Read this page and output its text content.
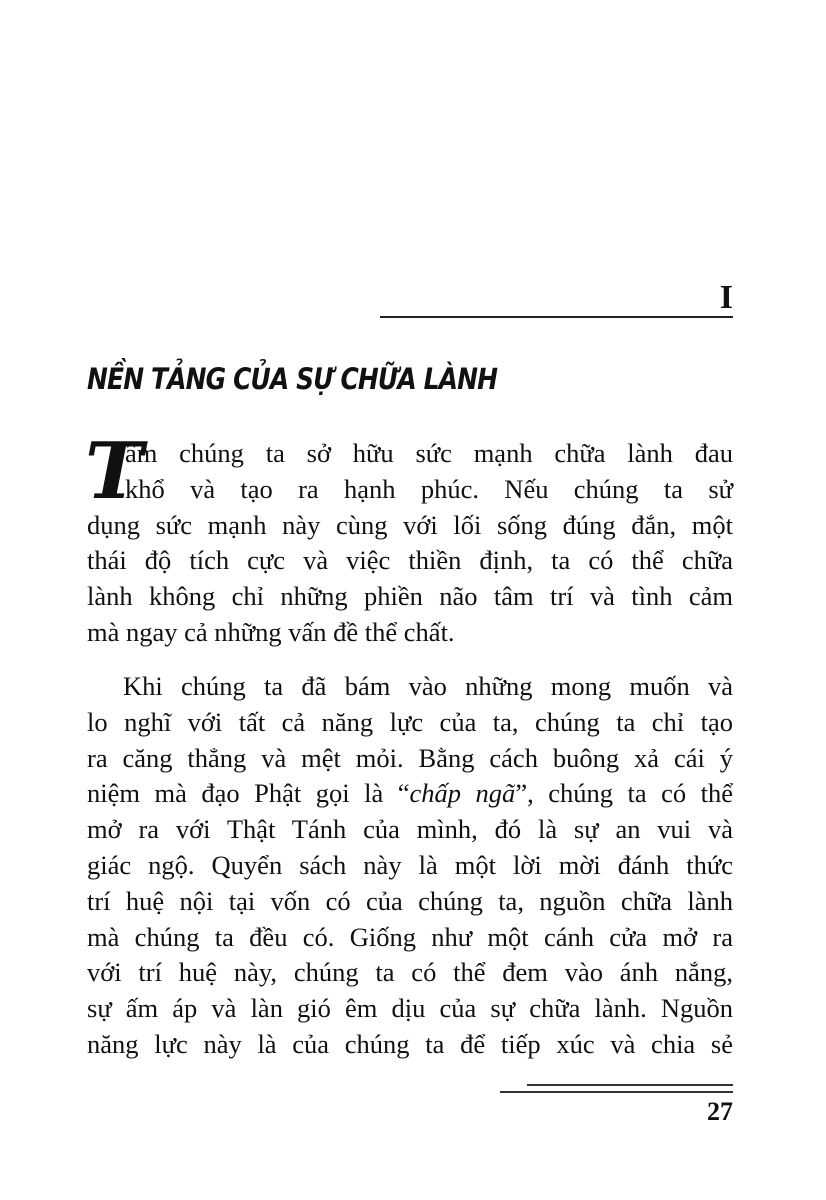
I
NỀN TẢNG CỦA SỰ CHỮA LÀNH
T
âm chúng ta sở hữu sức mạnh chữa lành đau
khổ và tạo ra hạnh phúc. Nếu chúng ta sử
dụng sức mạnh này cùng với lối sống đúng đắn, một
thái độ tích cực và việc thiền định, ta có thể chữa
lành không chỉ những phiền não tâm trí và tình cảm
mà ngay cả những vấn đề thể chất.
Khi chúng ta đã bám vào những mong muốn và
lo nghĩ với tất cả năng lực của ta, chúng ta chỉ tạo
ra căng thẳng và mệt mỏi. Bằng cách buông xả cái ý
niệm mà đạo Phật gọi là “chấp ngã”, chúng ta có thể
mở ra với Thật Tánh của mình, đó là sự an vui và
giác ngộ. Quyển sách này là một lời mời đánh thức
trí huệ nội tại vốn có của chúng ta, nguồn chữa lành
mà chúng ta đều có. Giống như một cánh cửa mở ra
với trí huệ này, chúng ta có thể đem vào ánh nắng,
sự ấm áp và làn gió êm dịu của sự chữa lành. Nguồn
năng lực này là của chúng ta để tiếp xúc và chia sẻ
27
